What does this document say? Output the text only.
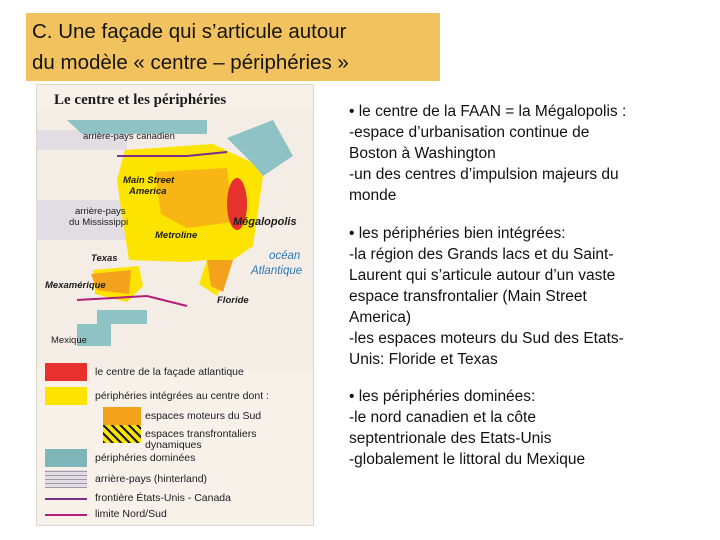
C. Une façade qui s’articule autour
du modèle « centre – périphéries »
Le centre et les périphéries
arrière-pays canadien
Main Street
America
arrière-pays
du Mississippi	Mégalopolis
Metroline
océan
Atlantique
Texas
Mexamérique
Floride
Mexique
le centre de la façade atlantique
périphéries intégrées au centre dont :
espaces moteurs du Sud
espaces transfrontaliers
dynamiques
périphéries dominées
arrière-pays (hinterland)
frontière États-Unis - Canada
limite Nord/Sud
• le centre de la FAAN = la Mégalopolis :
-espace d’urbanisation continue de
Boston à Washington
-un des centres d’impulsion majeurs du
monde
• les périphéries bien intégrées:
-la région des Grands lacs et du Saint-
Laurent qui s’articule autour d’un vaste
espace transfrontalier (Main Street
America)
-les espaces moteurs du Sud des Etats-
Unis: Floride et Texas
• les périphéries dominées:
-le nord canadien et la côte
septentrionale des Etats-Unis
-globalement le littoral du Mexique
